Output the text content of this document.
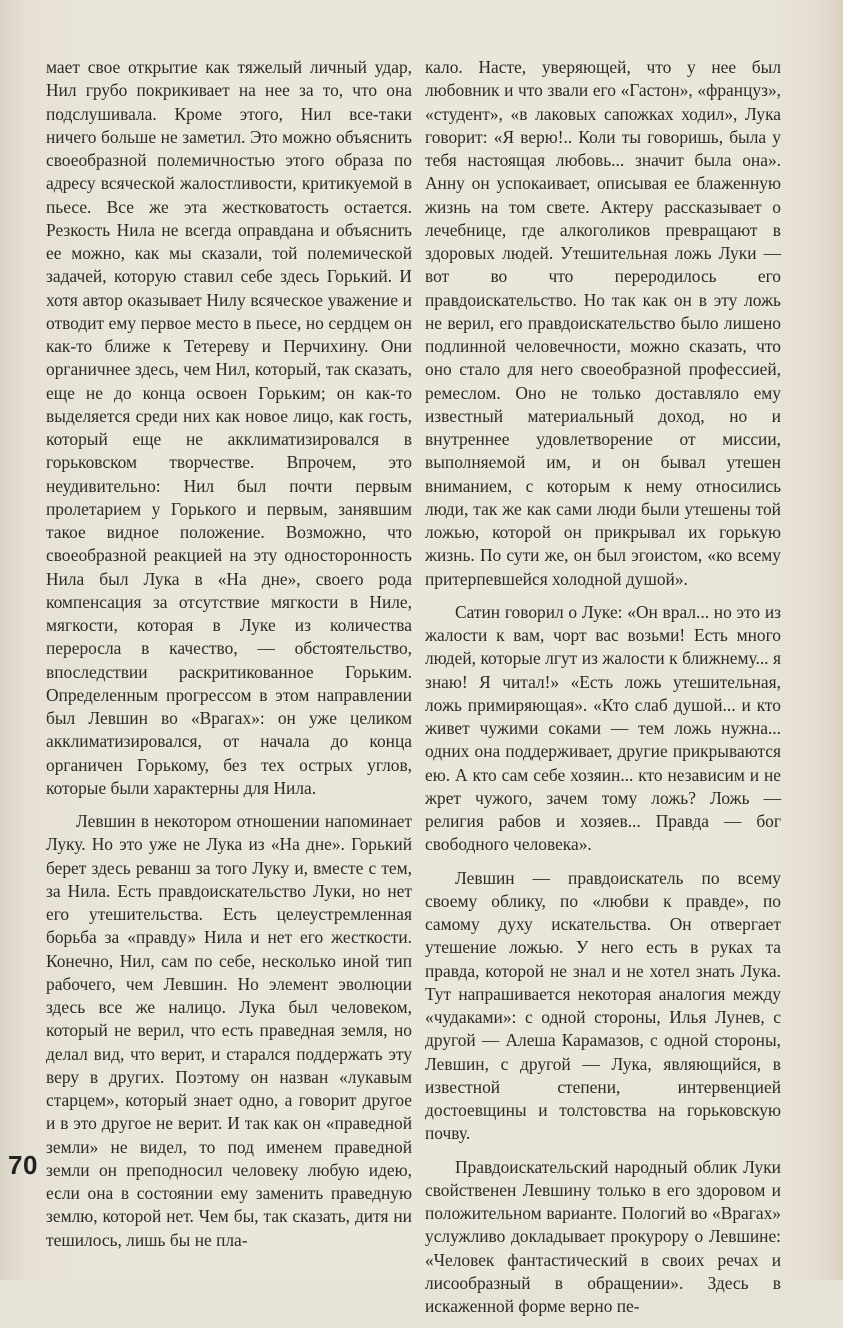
мает свое открытие как тяжелый личный удар, Нил грубо покрикивает на нее за то, что она подслушивала. Кроме этого, Нил все-таки ничего больше не заметил. Это можно объяснить своеобразной полемичностью этого образа по адресу всяческой жалостливости, критикуемой в пьесе. Все же эта жестковатость остается. Резкость Нила не всегда оправдана и объяснить ее можно, как мы сказали, той полемической задачей, которую ставил себе здесь Горький. И хотя автор оказывает Нилу всяческое уважение и отводит ему первое место в пьесе, но сердцем он как-то ближе к Тетереву и Перчихину. Они органичнее здесь, чем Нил, который, так сказать, еще не до конца освоен Горьким; он как-то выделяется среди них как новое лицо, как гость, который еще не акклиматизировался в горьковском творчестве. Впрочем, это неудивительно: Нил был почти первым пролетарием у Горького и первым, занявшим такое видное положение. Возможно, что своеобразной реакцией на эту односторонность Нила был Лука в «На дне», своего рода компенсация за отсутствие мягкости в Ниле, мягкости, которая в Луке из количества переросла в качество, — обстоятельство, впоследствии раскритикованное Горьким. Определенным прогрессом в этом направлении был Левшин во «Врагах»: он уже целиком акклиматизировался, от начала до конца органичен Горькому, без тех острых углов, которые были характерны для Нила.

Левшин в некотором отношении напоминает Луку. Но это уже не Лука из «На дне». Горький берет здесь реванш за того Луку и, вместе с тем, за Нила. Есть правдоискательство Луки, но нет его утешительства. Есть целеустремленная борьба за «правду» Нила и нет его жесткости. Конечно, Нил, сам по себе, несколько иной тип рабочего, чем Левшин. Но элемент эволюции здесь все же налицо. Лука был человеком, который не верил, что есть праведная земля, но делал вид, что верит, и старался поддержать эту веру в других. Поэтому он назван «лукавым старцем», который знает одно, а говорит другое и в это другое не верит. И так как он «праведной земли» не видел, то под именем праведной земли он преподносил человеку любую идею, если она в состоянии ему заменить праведную землю, которой нет. Чем бы, так сказать, дитя ни тешилось, лишь бы не пла-

кало. Насте, уверяющей, что у нее был любовник и что звали его «Гастон», «француз», «студент», «в лаковых сапожках ходил», Лука говорит: «Я верю!.. Коли ты говоришь, была у тебя настоящая любовь... значит была она». Анну он успокаивает, описывая ее блаженную жизнь на том свете. Актеру рассказывает о лечебнице, где алкоголиков превращают в здоровых людей. Утешительная ложь Луки — вот во что переродилось его правдоискательство. Но так как он в эту ложь не верил, его правдоискательство было лишено подлинной человечности, можно сказать, что оно стало для него своеобразной профессией, ремеслом. Оно не только доставляло ему известный материальный доход, но и внутреннее удовлетворение от миссии, выполняемой им, и он бывал утешен вниманием, с которым к нему относились люди, так же как сами люди были утешены той ложью, которой он прикрывал их горькую жизнь. По сути же, он был эгоистом, «ко всему притерпевшейся холодной душой».

Сатин говорил о Луке: «Он врал... но это из жалости к вам, чорт вас возьми! Есть много людей, которые лгут из жалости к ближнему... я знаю! Я читал!» «Есть ложь утешительная, ложь примиряющая». «Кто слаб душой... и кто живет чужими соками — тем ложь нужна... одних она поддерживает, другие прикрываются ею. А кто сам себе хозяин... кто независим и не жрет чужого, зачем тому ложь? Ложь — религия рабов и хозяев... Правда — бог свободного человека».

Левшин — правдоискатель по всему своему облику, по «любви к правде», по самому духу искательства. Он отвергает утешение ложью. У него есть в руках та правда, которой не знал и не хотел знать Лука. Тут напрашивается некоторая аналогия между «чудаками»: с одной стороны, Илья Лунев, с другой — Алеша Карамазов, с одной стороны, Левшин, с другой — Лука, являющийся, в известной степени, интервенцией достоевщины и толстовства на горьковскую почву.

Правдоискательский народный облик Луки свойственен Левшину только в его здоровом и положительном варианте. Пологий во «Врагах» услужливо докладывает прокурору о Левшине: «Человек фантастический в своих речах и лисообразный в обращении». Здесь в искаженной форме верно пе-

70
